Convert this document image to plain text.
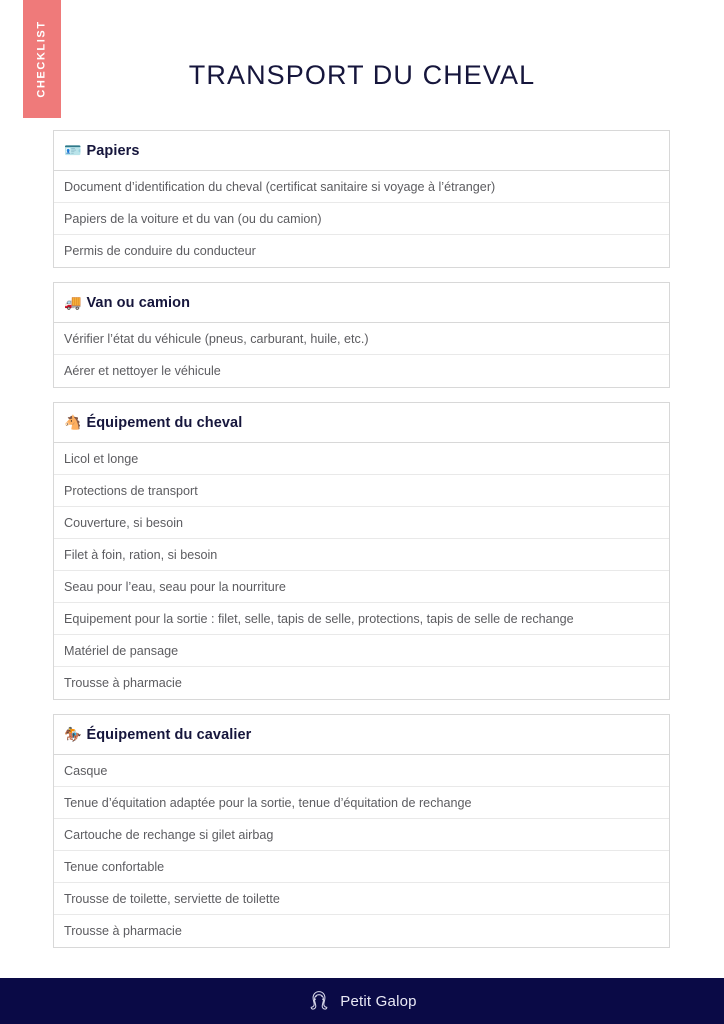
CHECKLIST	TRANSPORT DU CHEVAL
🪪 Papiers
Document d’identification du cheval (certificat sanitaire si voyage à l’étranger)
Papiers de la voiture et du van (ou du camion)
Permis de conduire du conducteur
🚚 Van ou camion
Vérifier l’état du véhicule (pneus, carburant, huile, etc.)
Aérer et nettoyer le véhicule
🐴 Équipement du cheval
Licol et longe
Protections de transport
Couverture, si besoin
Filet à foin, ration, si besoin
Seau pour l’eau, seau pour la nourriture
Equipement pour la sortie : filet, selle, tapis de selle, protections, tapis de selle de rechange
Matériel de pansage
Trousse à pharmacie
🏇 Équipement du cavalier
Casque
Tenue d’équitation adaptée pour la sortie, tenue d’équitation de rechange
Cartouche de rechange si gilet airbag
Tenue confortable
Trousse de toilette, serviette de toilette
Trousse à pharmacie
Petit Galop
